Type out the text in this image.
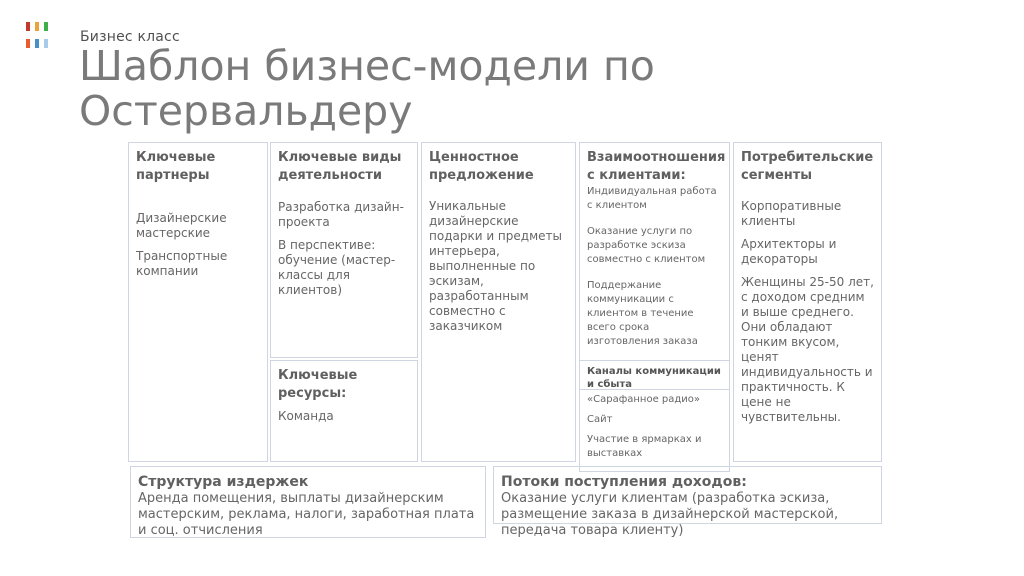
Бизнес класс
Шаблон бизнес-модели по
Остервальдеру
Ключевые партнеры
Дизайнерские мастерские
Транспортные компании
Ключевые виды деятельности
Разработка дизайн-проекта
В перспективе: обучение (мастер-классы для клиентов)
Ключевые ресурсы:
Команда
Ценностное предложение
Уникальные дизайнерские подарки и предметы интерьера, выполненные по эскизам, разработанным совместно с заказчиком
Взаимоотношения с клиентами:
Индивидуальная работа с клиентом
Оказание услуги по разработке эскиза совместно с клиентом
Поддержание коммуникации с клиентом в течение всего срока изготовления заказа
Каналы коммуникации и сбыта
«Сарафанное радио»
Сайт
Участие в ярмарках и выставках
Потребительские сегменты
Корпоративные клиенты
Архитекторы и декораторы
Женщины 25-50 лет, с доходом средним и выше среднего. Они обладают тонким вкусом, ценят индивидуальность и практичность. К цене не чувствительны.
Структура издержек
Аренда помещения, выплаты дизайнерским мастерским, реклама, налоги, заработная плата и соц. отчисления
Потоки поступления доходов:
Оказание услуги клиентам (разработка эскиза, размещение заказа в дизайнерской мастерской, передача товара клиенту)
